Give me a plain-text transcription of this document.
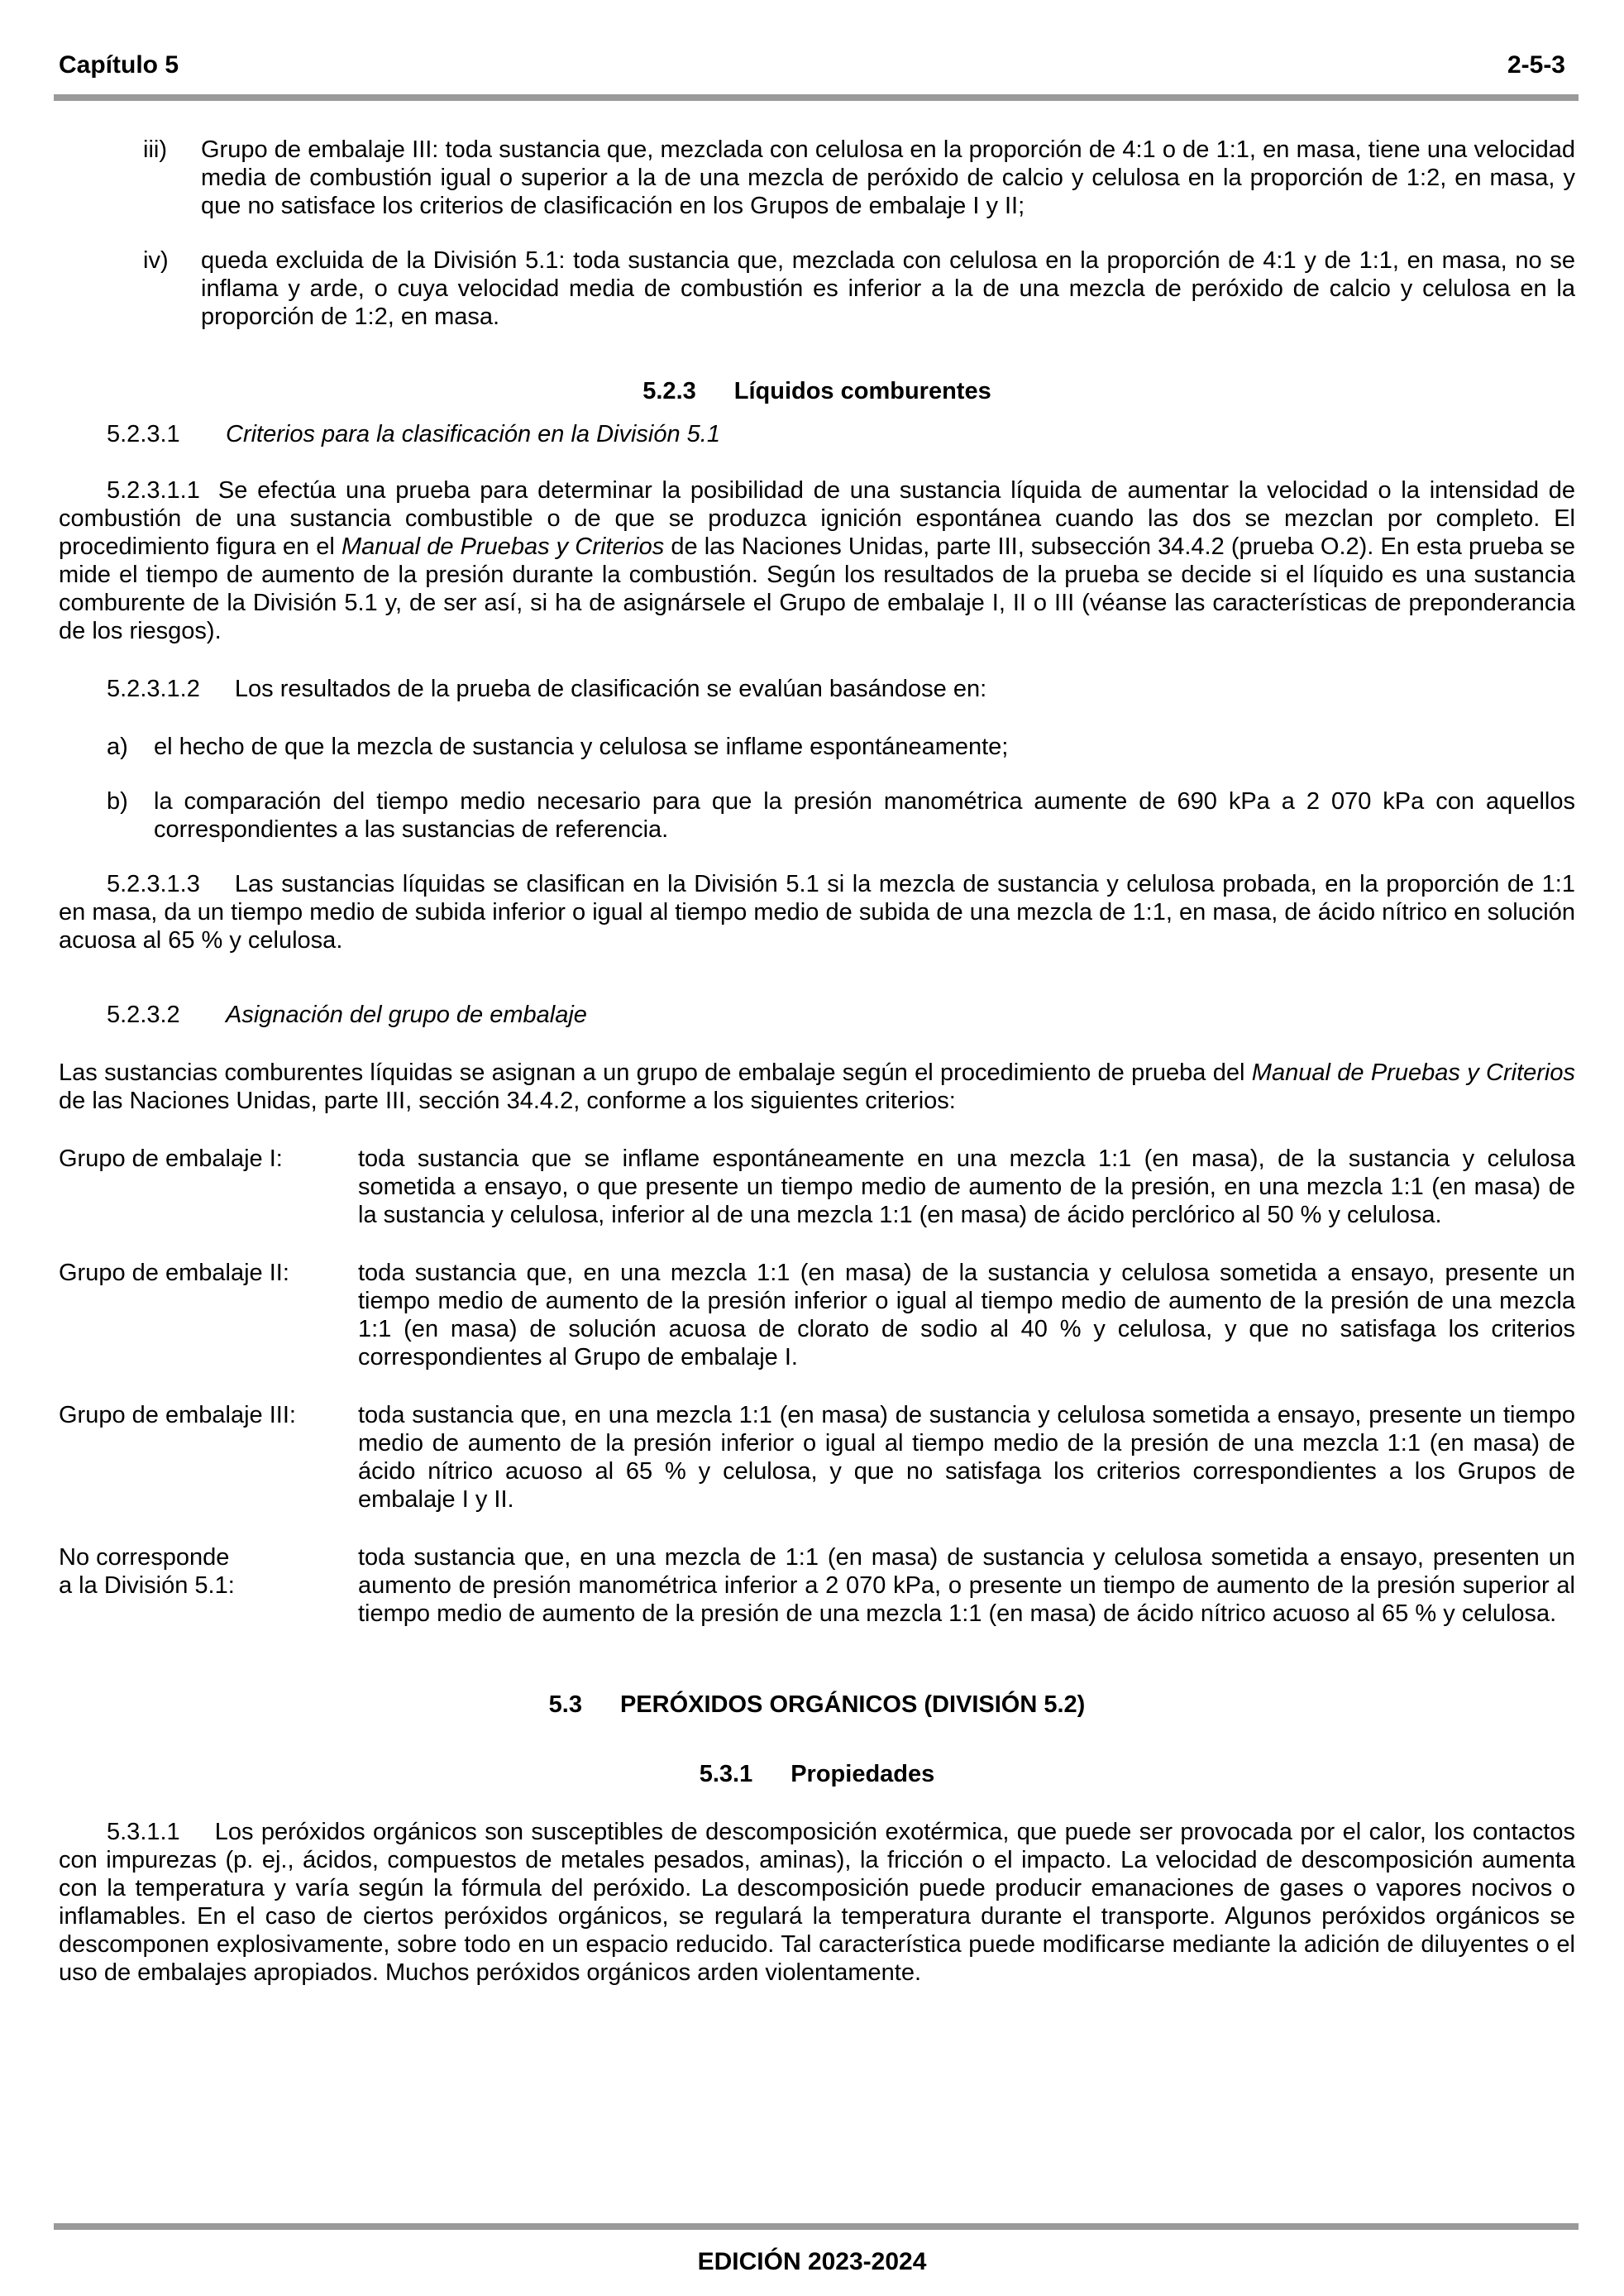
Capítulo 5	2-5-3
iii) Grupo de embalaje III: toda sustancia que, mezclada con celulosa en la proporción de 4:1 o de 1:1, en masa, tiene una velocidad media de combustión igual o superior a la de una mezcla de peróxido de calcio y celulosa en la proporción de 1:2, en masa, y que no satisface los criterios de clasificación en los Grupos de embalaje I y II;
iv) queda excluida de la División 5.1: toda sustancia que, mezclada con celulosa en la proporción de 4:1 y de 1:1, en masa, no se inflama y arde, o cuya velocidad media de combustión es inferior a la de una mezcla de peróxido de calcio y celulosa en la proporción de 1:2, en masa.

5.2.3 Líquidos comburentes

5.2.3.1 Criterios para la clasificación en la División 5.1

5.2.3.1.1 Se efectúa una prueba para determinar la posibilidad de una sustancia líquida de aumentar la velocidad o la intensidad de combustión de una sustancia combustible o de que se produzca ignición espontánea cuando las dos se mezclan por completo. El procedimiento figura en el Manual de Pruebas y Criterios de las Naciones Unidas, parte III, subsección 34.4.2 (prueba O.2). En esta prueba se mide el tiempo de aumento de la presión durante la combustión. Según los resultados de la prueba se decide si el líquido es una sustancia comburente de la División 5.1 y, de ser así, si ha de asignársele el Grupo de embalaje I, II o III (véanse las características de preponderancia de los riesgos).

5.2.3.1.2 Los resultados de la prueba de clasificación se evalúan basándose en:

a) el hecho de que la mezcla de sustancia y celulosa se inflame espontáneamente;
b) la comparación del tiempo medio necesario para que la presión manométrica aumente de 690 kPa a 2 070 kPa con aquellos correspondientes a las sustancias de referencia.

5.2.3.1.3 Las sustancias líquidas se clasifican en la División 5.1 si la mezcla de sustancia y celulosa probada, en la proporción de 1:1 en masa, da un tiempo medio de subida inferior o igual al tiempo medio de subida de una mezcla de 1:1, en masa, de ácido nítrico en solución acuosa al 65 % y celulosa.

5.2.3.2 Asignación del grupo de embalaje

Las sustancias comburentes líquidas se asignan a un grupo de embalaje según el procedimiento de prueba del Manual de Pruebas y Criterios de las Naciones Unidas, parte III, sección 34.4.2, conforme a los siguientes criterios:

Grupo de embalaje I:	toda sustancia que se inflame espontáneamente en una mezcla 1:1 (en masa), de la sustancia y celulosa sometida a ensayo, o que presente un tiempo medio de aumento de la presión, en una mezcla 1:1 (en masa) de la sustancia y celulosa, inferior al de una mezcla 1:1 (en masa) de ácido perclórico al 50 % y celulosa.
Grupo de embalaje II:	toda sustancia que, en una mezcla 1:1 (en masa) de la sustancia y celulosa sometida a ensayo, presente un tiempo medio de aumento de la presión inferior o igual al tiempo medio de aumento de la presión de una mezcla 1:1 (en masa) de solución acuosa de clorato de sodio al 40 % y celulosa, y que no satisfaga los criterios correspondientes al Grupo de embalaje I.
Grupo de embalaje III:	toda sustancia que, en una mezcla 1:1 (en masa) de sustancia y celulosa sometida a ensayo, presente un tiempo medio de aumento de la presión inferior o igual al tiempo medio de la presión de una mezcla 1:1 (en masa) de ácido nítrico acuoso al 65 % y celulosa, y que no satisfaga los criterios correspondientes a los Grupos de embalaje I y II.
No corresponde
a la División 5.1:
toda sustancia que, en una mezcla de 1:1 (en masa) de sustancia y celulosa sometida a ensayo, presenten un aumento de presión manométrica inferior a 2 070 kPa, o presente un tiempo de aumento de la presión superior al tiempo medio de aumento de la presión de una mezcla 1:1 (en masa) de ácido nítrico acuoso al 65 % y celulosa.

5.3 PERÓXIDOS ORGÁNICOS (DIVISIÓN 5.2)

5.3.1 Propiedades

5.3.1.1 Los peróxidos orgánicos son susceptibles de descomposición exotérmica, que puede ser provocada por el calor, los contactos con impurezas (p. ej., ácidos, compuestos de metales pesados, aminas), la fricción o el impacto. La velocidad de descomposición aumenta con la temperatura y varía según la fórmula del peróxido. La descomposición puede producir emanaciones de gases o vapores nocivos o inflamables. En el caso de ciertos peróxidos orgánicos, se regulará la temperatura durante el transporte. Algunos peróxidos orgánicos se descomponen explosivamente, sobre todo en un espacio reducido. Tal característica puede modificarse mediante la adición de diluyentes o el uso de embalajes apropiados. Muchos peróxidos orgánicos arden violentamente.

EDICIÓN 2023-2024
